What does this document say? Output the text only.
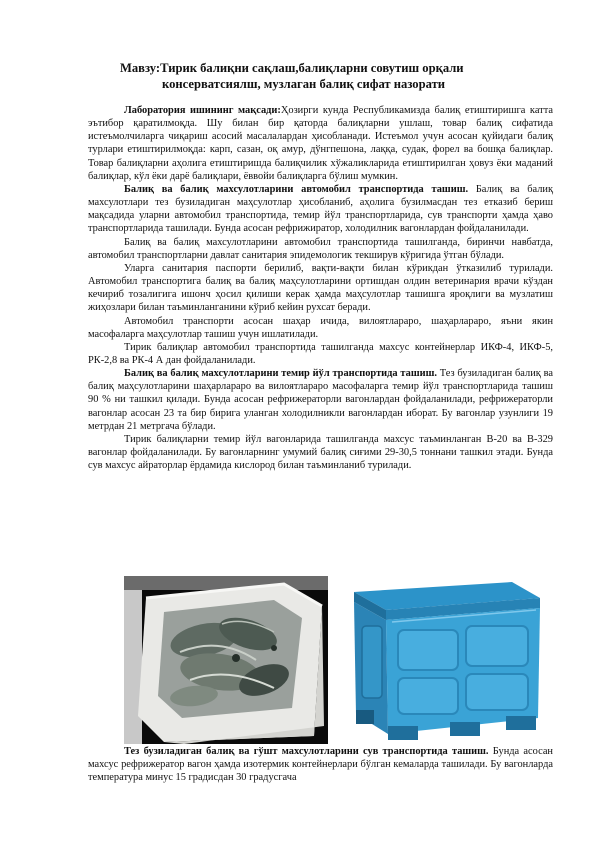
Мавзу:Тирик балиқни сақлаш,балиқларни совутиш орқали
консерватсиялш, музлаган балиқ сифат назорати

Лаборатория ишининг мақсади:Ҳозирги кунда Республикамизда балиқ етиштиришга катта эътибор қаратилмоқда. Шу билан бир қаторда балиқларни ушлаш, товар балиқ сифатида истеъмолчиларга чиқариш асосий масалалардан ҳисобланади. Истеъмол учун асосан қуйидаги балиқ турлари етиштирилмоқда: карп, сазан, оқ амур, дўнгпешона, лаққа, судак, форел ва бошқа балиқлар. Товар балиқларни аҳолига етиштиришда балиқчилик хўжаликларида етиштирилган ҳовуз ёки маданий балиқлар, кўл ёки дарё балиқлари, ёввойи балиқларга бўлиш мумкин.

Балиқ ва балиқ махсулотларини автомобил транспортида ташиш. Балиқ ва балиқ махсулотлари тез бузиладиган маҳсулотлар ҳисобланиб, аҳолига бузилмасдан тез етказиб бериш мақсадида уларни автомобил транспортида, темир йўл транспортларида, сув транспорти ҳамда ҳаво транспортларида ташилади. Бунда асосан рефрижиратор, холодилник вагонлардан фойдаланилади.

Балиқ ва балиқ махсулотларини автомобил транспортида ташилганда, биринчи навбатда, автомобил транспортларни давлат санитария эпидемологик текширув кўригида ўтган бўлади.

Уларга санитария паспорти берилиб, вақти-вақти билан кўрикдан ўтказилиб турилади. Автомобил транспортига балиқ ва балиқ маҳсулотларини ортишдан олдин ветеринария врачи кўздан кечириб тозалигига ишонч ҳосил қилиши керак ҳамда маҳсулотлар ташишга яроқлиги ва музлатиш жиҳозлари билан таъминланганини кўриб кейин рухсат беради.

Автомобил транспорти асосан шаҳар ичида, вилоятлараро, шаҳарлараро, яъни якин масофаларга маҳсулотлар ташиш учун ишлатилади.

Тирик балиқлар автомобил транспортида ташилганда махсус контейнерлар ИКФ-4, ИКФ-5, РК-2,8 ва РК-4 А дан фойдаланилади.

Балиқ ва балиқ махсулотларини темир йўл транспортида ташиш. Тез бузиладиган балиқ ва балиқ маҳсулотларини шаҳарлараро ва вилоятлараро масофаларга темир йўл транспортларида ташиш 90 % ни ташкил қилади. Бунда асосан рефрижераторли вагонлардан фойдаланилади, рефрижераторли вагонлар асосан 23 та бир бирига уланган холодилникли вагонлардан иборат. Бу вагонлар узунлиги 19 метрдан 21 метргача бўлади.

Тирик балиқларни темир йўл вагонларида ташилганда махсус таъминланган В-20 ва В-329 вагонлар фойдаланилади. Бу вагонларнинг умумий балиқ сиғими 29-30,5 тоннани ташкил этади. Бунда сув махсус айраторлар ёрдамида кислород билан таъминланиб турилади.

Тез бузиладиган балиқ ва гўшт махсулотларини сув транспортида ташиш. Бунда асосан махсус рефрижератор вагон ҳамда изотермик контейнерлари бўлган кемаларда ташилади. Бу вагонларда температура минус 15 градисдан 30 градусгача
